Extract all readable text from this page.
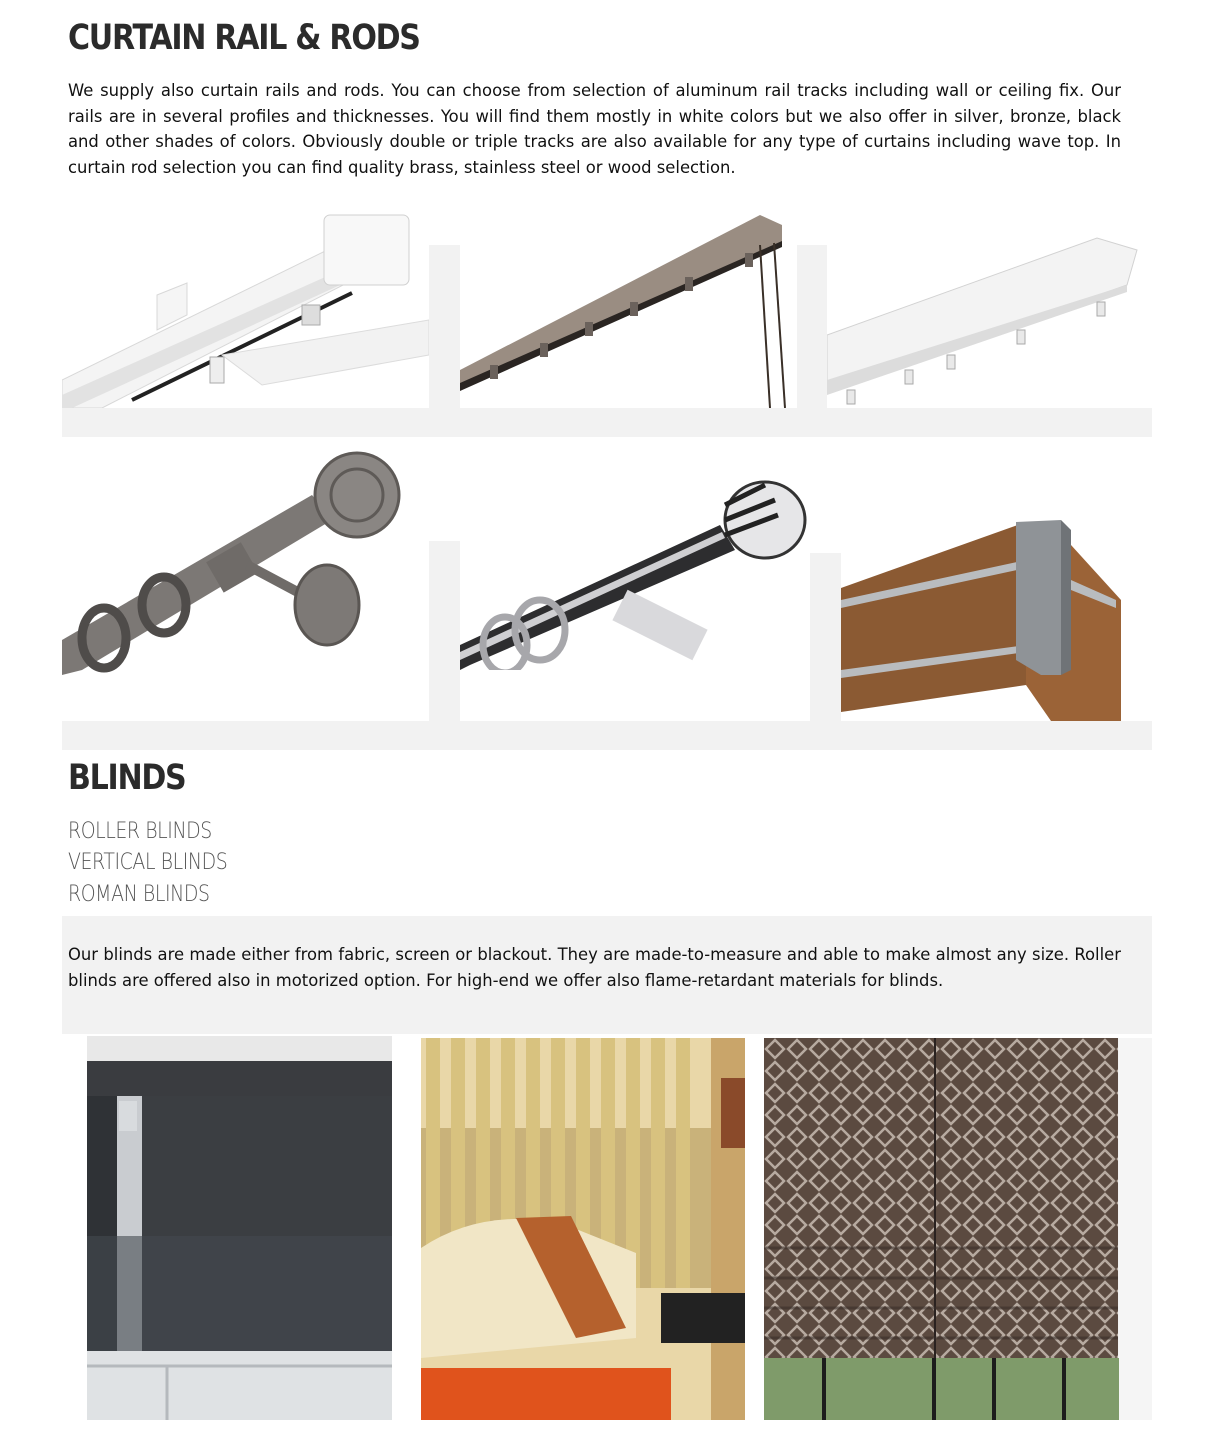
CURTAIN RAIL & RODS
We supply also curtain rails and rods. You can choose from selection of aluminum rail tracks including wall or ceiling fix. Our rails are in several profiles and thicknesses. You will find them mostly in white colors but we also offer in silver, bronze, black and other shades of colors. Obviously double or triple tracks are also available for any type of curtains including wave top. In curtain rod selection you can find quality brass, stainless steel or wood selection.
BLINDS
ROLLER BLINDS
VERTICAL BLINDS
ROMAN BLINDS
Our blinds are made either from fabric, screen or blackout. They are made-to-measure and able to make almost any size. Roller blinds are offered also in motorized option. For high-end we offer also flame-retardant materials for blinds.
